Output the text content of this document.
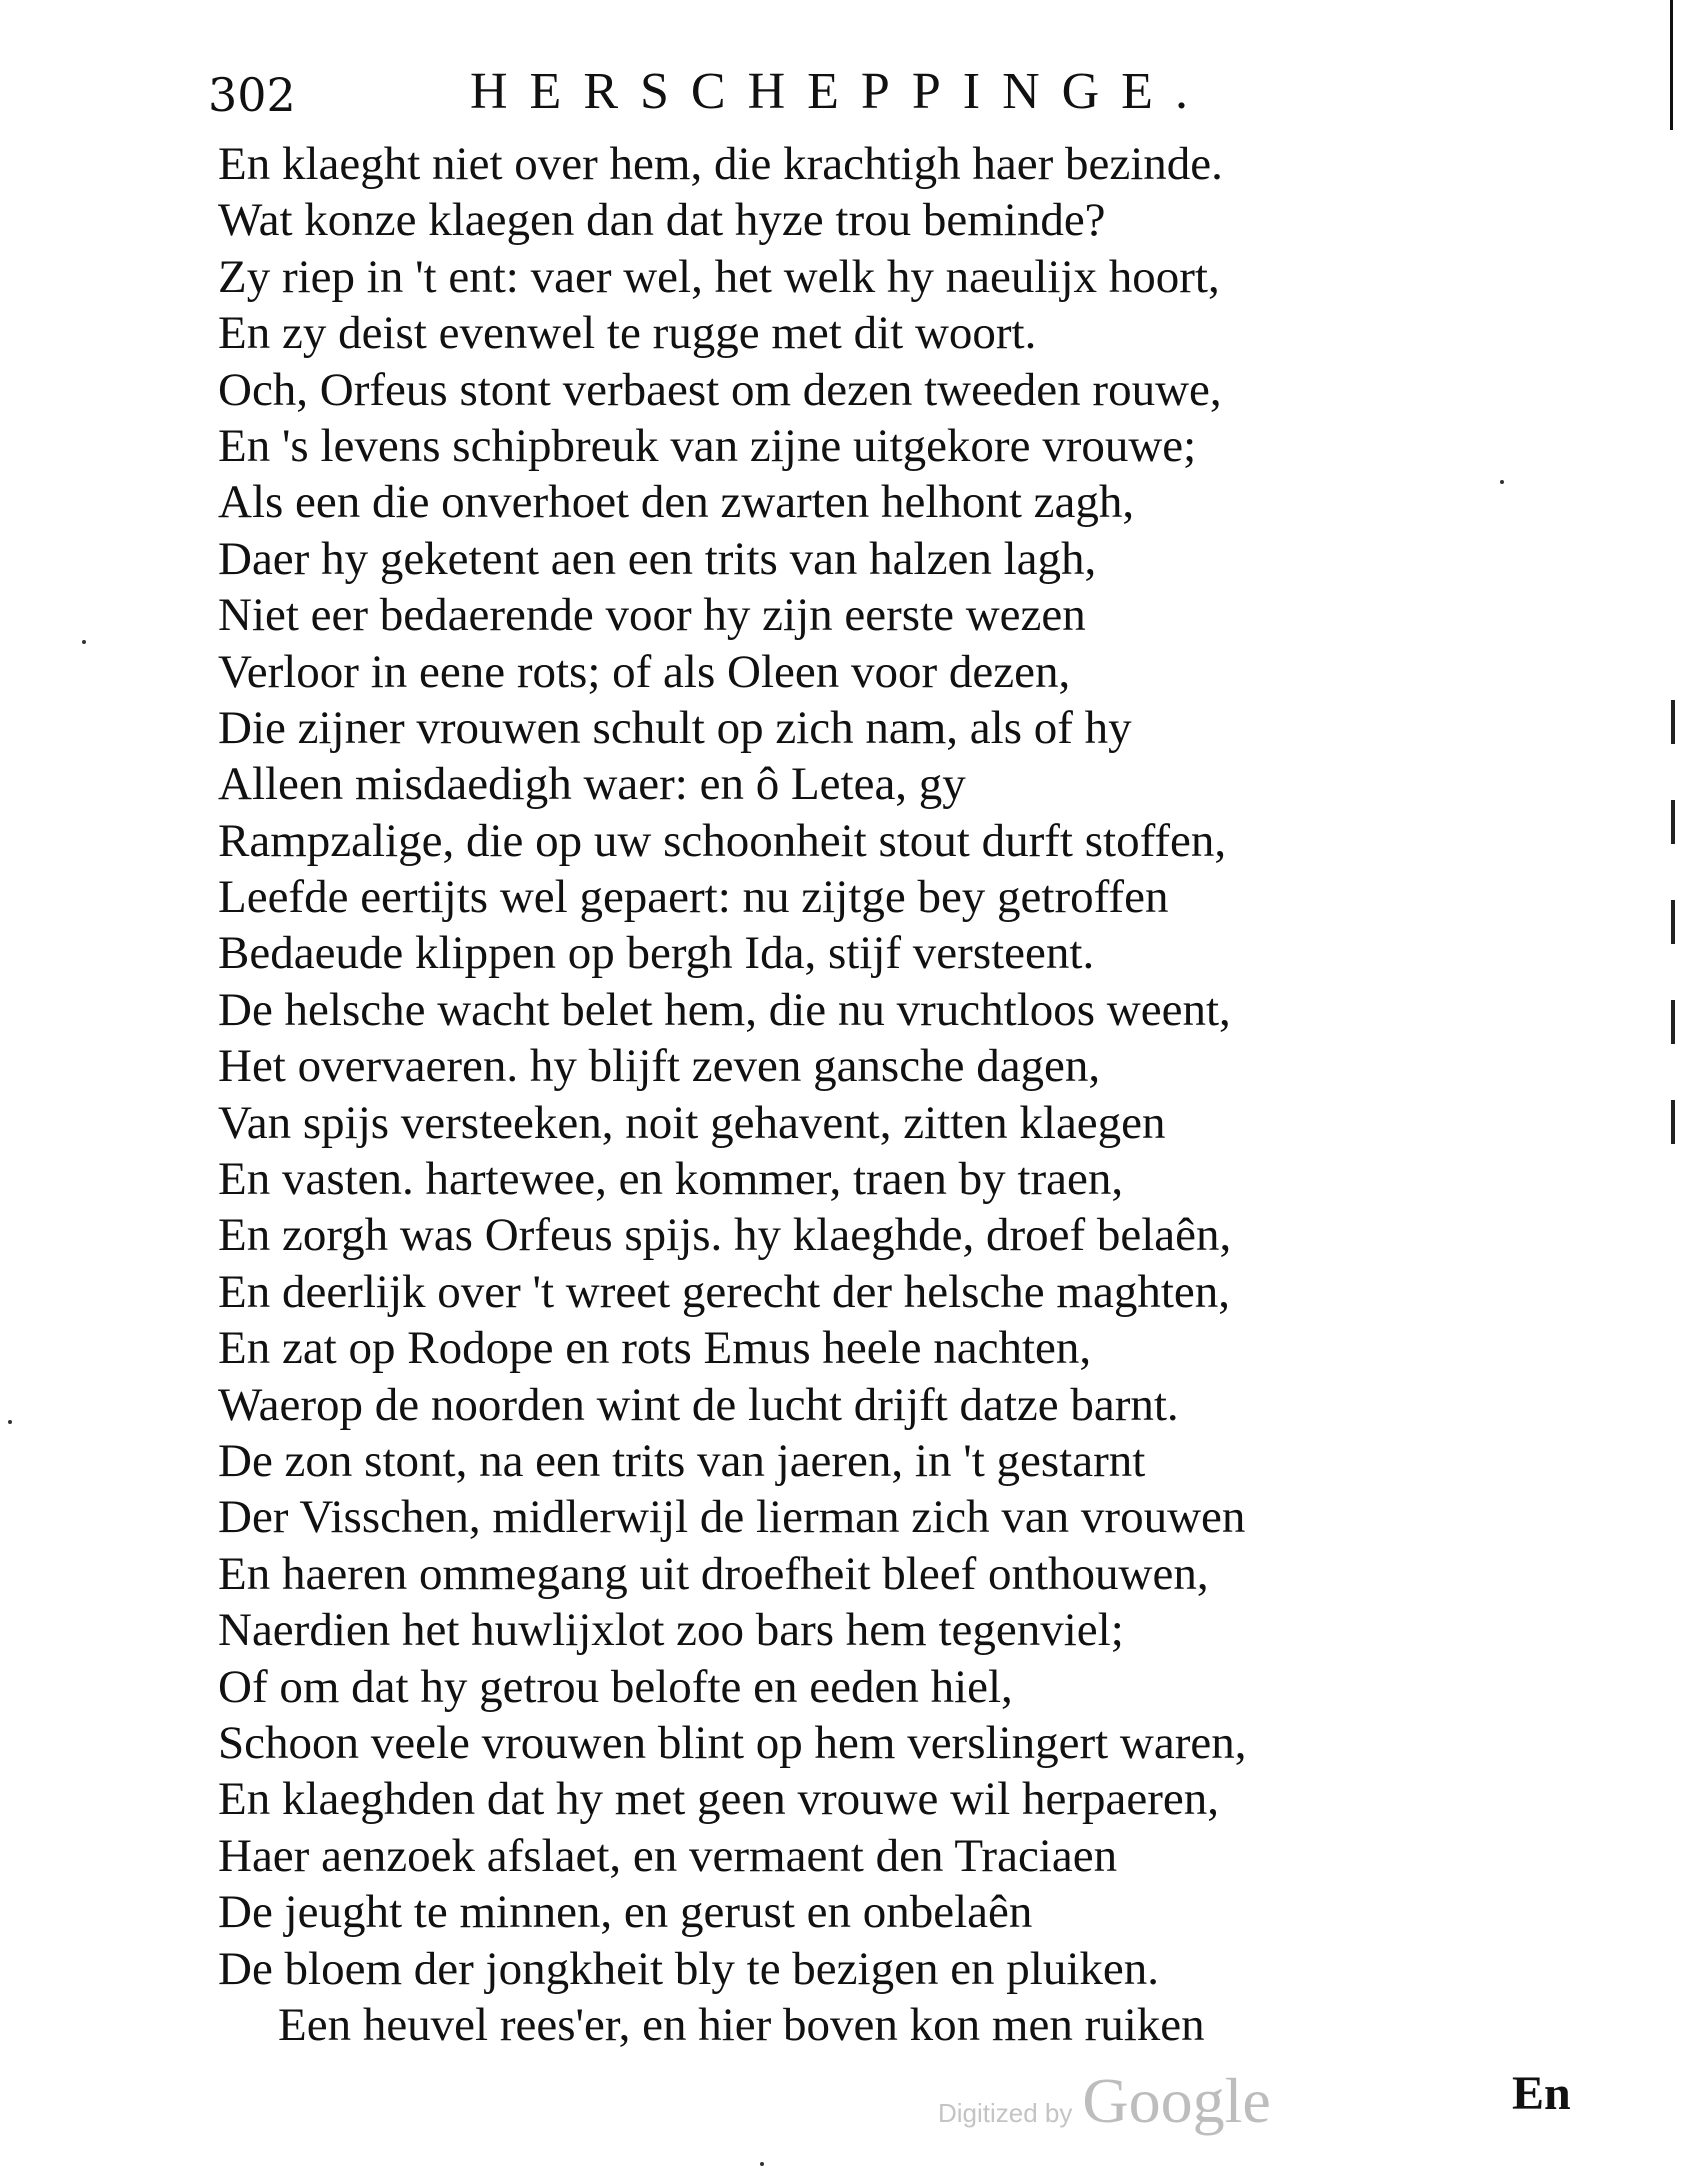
302	HERSCHEPPINGE.
En klaeght niet over hem, die krachtigh haer bezinde.
Wat konze klaegen dan dat hyze trou beminde?
Zy riep in 't ent: vaer wel, het welk hy naeulijx hoort,
En zy deist evenwel te rugge met dit woort.
Och, Orfeus stont verbaest om dezen tweeden rouwe,
En 's levens schipbreuk van zijne uitgekore vrouwe;
Als een die onverhoet den zwarten helhont zagh,
Daer hy geketent aen een trits van halzen lagh,
Niet eer bedaerende voor hy zijn eerste wezen
Verloor in eene rots; of als Oleen voor dezen,
Die zijner vrouwen schult op zich nam, als of hy
Alleen misdaedigh waer: en ô Letea, gy
Rampzalige, die op uw schoonheit stout durft stoffen,
Leefde eertijts wel gepaert: nu zijtge bey getroffen
Bedaeude klippen op bergh Ida, stijf versteent.
De helsche wacht belet hem, die nu vruchtloos weent,
Het overvaeren. hy blijft zeven gansche dagen,
Van spijs versteeken, noit gehavent, zitten klaegen
En vasten. hartewee, en kommer, traen by traen,
En zorgh was Orfeus spijs. hy klaeghde, droef belaên,
En deerlijk over 't wreet gerecht der helsche maghten,
En zat op Rodope en rots Emus heele nachten,
Waerop de noorden wint de lucht drijft datze barnt.
De zon stont, na een trits van jaeren, in 't gestarnt
Der Visschen, midlerwijl de lierman zich van vrouwen
En haeren ommegang uit droefheit bleef onthouwen,
Naerdien het huwlijxlot zoo bars hem tegenviel;
Of om dat hy getrou belofte en eeden hiel,
Schoon veele vrouwen blint op hem verslingert waren,
En klaeghden dat hy met geen vrouwe wil herpaeren,
Haer aenzoek afslaet, en vermaent den Traciaen
De jeught te minnen, en gerust en onbelaên
De bloem der jongkheit bly te bezigen en pluiken.
Een heuvel rees'er, en hier boven kon men ruiken
Digitized by Google	En
